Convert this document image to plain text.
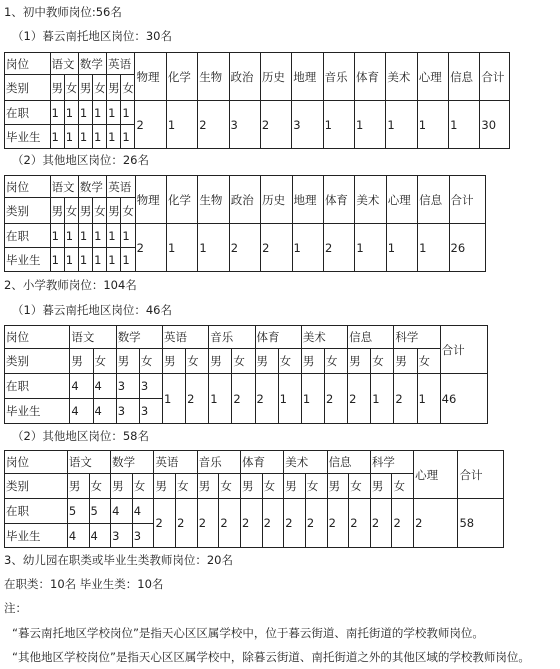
1、初中教师岗位:56名
（1）暮云南托地区岗位：30名
岗位	语文		数学		英语		物理	化学	生物	政治	历史	地理	音乐	体育	美术	心理	信息	合计
类别	男	女	男	女	男	女												
在职	1	1	1	1	1	1	2	1	2	3	2	3	1	1	1	1	1	30
毕业生	1	1	1	1	1	1												
（2）其他地区岗位：26名
岗位	语文		数学		英语		物理	化学	生物	政治	历史	地理	体育	美术	心理	信息	合计
类别	男	女	男	女	男	女											
在职	1	1	1	1	1	1	2	1	1	2	2	1	2	1	1	1	26
毕业生	1	1	1	1	1	1											
2、小学教师岗位：104名
（1）暮云南托地区岗位：46名
岗位	语文		数学		英语		音乐		体育		美术		信息		科学		合计
类别	男	女	男	女	男	女	男	女	男	女	男	女	男	女	男	女	
在职	4	4	3	3	1	2	1	2	2	1	1	2	2	1	2	1	46
毕业生	4	4	3	3													
（2）其他地区岗位：58名
岗位	语文		数学		英语		音乐		体育		美术		信息		科学		心理	合计
类别	男	女	男	女	男	女	男	女	男	女	男	女	男	女	男	女		
在职	5	5	4	4	2	2	2	2	2	2	2	2	2	2	2	2	2	58
毕业生	4	4	3	3														
3、幼儿园在职类或毕业生类教师岗位：20名
在职类：10名 毕业生类：10名
注：
“暮云南托地区学校岗位”是指天心区区属学校中，位于暮云街道、南托街道的学校教师岗位。
“其他地区学校岗位”是指天心区区属学校中，除暮云街道、南托街道之外的其他区域的学校教师岗位。
